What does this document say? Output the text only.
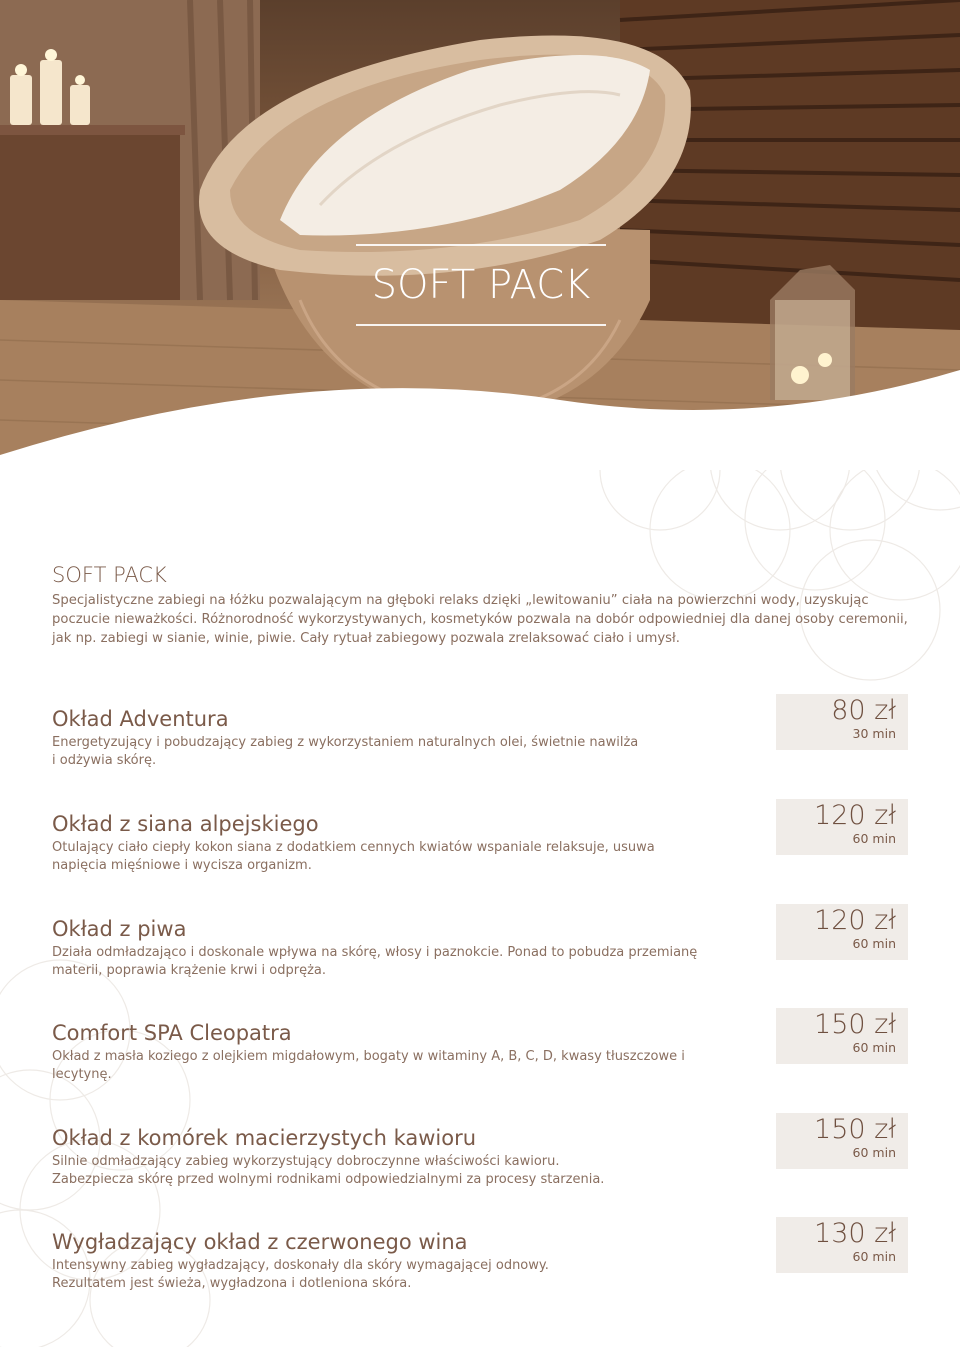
SOFT PACK
SOFT PACK

Specjalistyczne zabiegi na łóżku pozwalającym na głęboki relaks dzięki „lewitowaniu” ciała na powierzchni wody, uzyskując poczucie nieważkości. Różnorodność wykorzystywanych, kosmetyków pozwala na dobór odpowiedniej dla danej osoby ceremonii, jak np. zabiegi w sianie, winie, piwie. Cały rytuał zabiegowy pozwala zrelaksować ciało i umysł.

Okład Adventura

Energetyzujący i pobudzający zabieg z wykorzystaniem naturalnych olei, świetnie nawilża
i odżywia skórę.

80 zł
30 min
Okład z siana alpejskiego

Otulający ciało ciepły kokon siana z dodatkiem cennych kwiatów wspaniale relaksuje, usuwa napięcia mięśniowe i wycisza organizm.

120 zł
60 min
Okład z piwa

Działa odmładzająco i doskonale wpływa na skórę, włosy i paznokcie. Ponad to pobudza przemianę materii, poprawia krążenie krwi i odpręża.

120 zł
60 min
Comfort SPA Cleopatra

Okład z masła koziego z olejkiem migdałowym, bogaty w witaminy A, B, C, D, kwasy tłuszczowe i lecytynę.

150 zł
60 min
Okład z komórek macierzystych kawioru

Silnie odmładzający zabieg wykorzystujący dobroczynne właściwości kawioru.
Zabezpiecza skórę przed wolnymi rodnikami odpowiedzialnymi za procesy starzenia.

150 zł
60 min
Wygładzający okład z czerwonego wina

Intensywny zabieg wygładzający, doskonały dla skóry wymagającej odnowy.
Rezultatem jest świeża, wygładzona i dotleniona skóra.

130 zł
60 min
